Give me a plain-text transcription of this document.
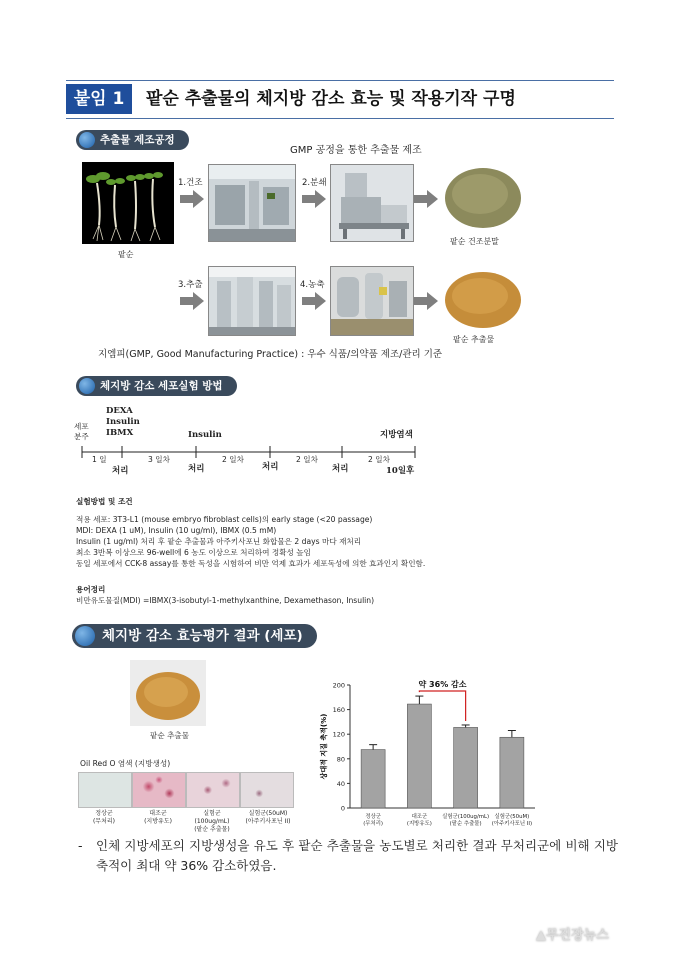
붙임 1	팥순 추출물의 체지방 감소 효능 및 작용기작 구명
추출물 제조공정
GMP 공정을 통한 추출물 제조
팥순
1.건조	2.분쇄
팥순 건조분말
3.추출	4.농축
팥순 추출물
지엠피(GMP, Good Manufacturing Practice) : 우수 식품/의약품 제조/관리 기준
체지방 감소 세포실험 방법
세포
분주
DEXA
Insulin
IBMX	Insulin	지방염색
1 일	3 일차	2 일차	2 일차	2 일차
처리	처리	처리	처리	10일후
실험방법 및 조건
적용 세포: 3T3-L1 (mouse embryo fibroblast cells)의 early stage (<20 passage)
MDI: DEXA (1 uM), Insulin (10 ug/ml), IBMX (0.5 mM)
Insulin (1 ug/ml) 처리 후 팥순 추출물과 아주키사포닌 화합물은 2 days 마다 재처리
최소 3반복 이상으로 96-well에 6 농도 이상으로 처리하여 정확성 높임
동일 세포에서 CCK-8 assay를 통한 독성을 시험하여 비만 억제 효과가 세포독성에 의한 효과인지 확인함.
용어정리
비만유도물질(MDI) =IBMX(3-isobutyl-1-methylxanthine, Dexamethason, Insulin)
체지방 감소 효능평가 결과 (세포)
팥순 추출물
Oil Red O 염색 (지방생성)
정상군
(무처리)
대조군
(지방유도)
실험군(100ug/mL)
(팥순 추출물)
실험군(50uM)
(아주키사포닌 II)
0
40
80
120
160
200
상대적 지질 축적(%)
정상군
(무처리)
대조군
(지방유도)
실험군(100ug/mL)
(팥순 추출물)
실험군(50uM)
(아주키사포닌 II)
약 36% 감소
- 인체 지방세포의 지방생성을 유도 후 팥순 추출물을 농도별로 처리한 결과 무처리군에 비해 지방축적이 최대 약 36% 감소하였음.
▲무진장뉴스
